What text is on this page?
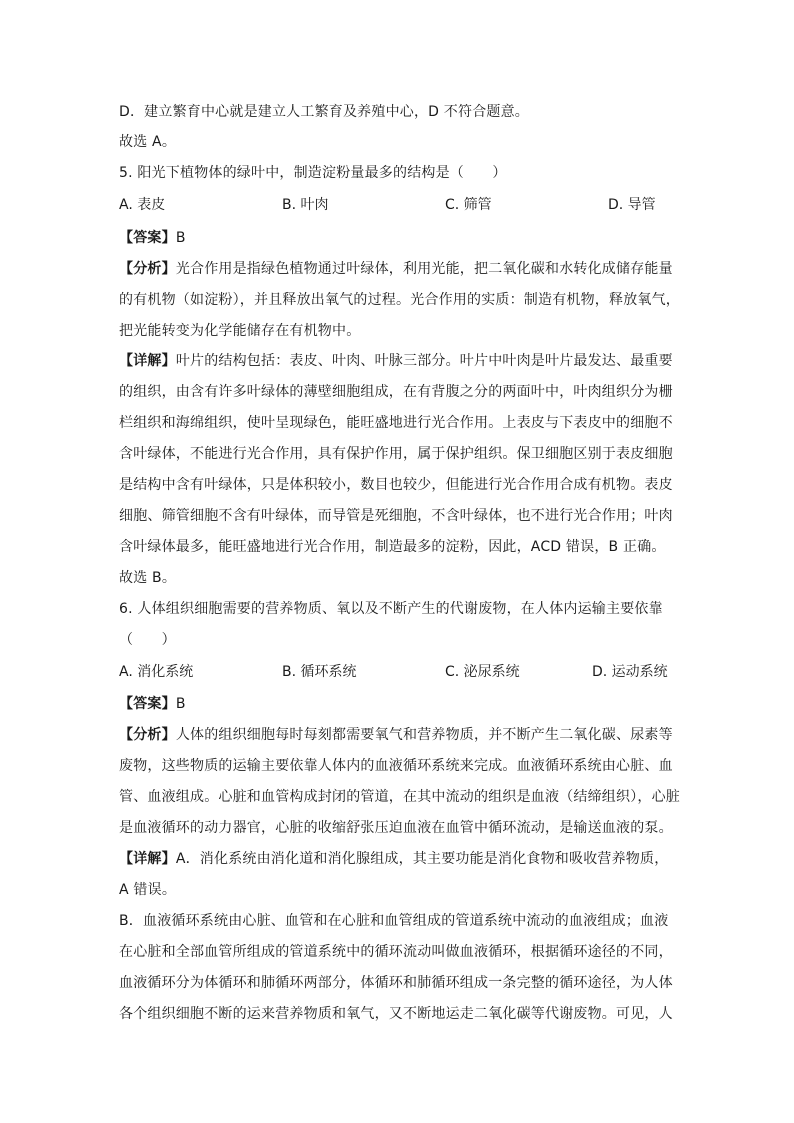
D．建立繁育中心就是建立人工繁育及养殖中心，D 不符合题意。
故选 A。
5. 阳光下植物体的绿叶中，制造淀粉量最多的结构是（　　）
A. 表皮	B. 叶肉	C. 筛管	D. 导管
【答案】B
【分析】光合作用是指绿色植物通过叶绿体，利用光能，把二氧化碳和水转化成储存能量
的有机物（如淀粉），并且释放出氧气的过程。光合作用的实质：制造有机物，释放氧气，
把光能转变为化学能储存在有机物中。
【详解】叶片的结构包括：表皮、叶肉、叶脉三部分。叶片中叶肉是叶片最发达、最重要
的组织，由含有许多叶绿体的薄壁细胞组成，在有背腹之分的两面叶中，叶肉组织分为栅
栏组织和海绵组织，使叶呈现绿色，能旺盛地进行光合作用。上表皮与下表皮中的细胞不
含叶绿体，不能进行光合作用，具有保护作用，属于保护组织。保卫细胞区别于表皮细胞
是结构中含有叶绿体，只是体积较小，数目也较少，但能进行光合作用合成有机物。表皮
细胞、筛管细胞不含有叶绿体，而导管是死细胞，不含叶绿体，也不进行光合作用；叶肉
含叶绿体最多，能旺盛地进行光合作用，制造最多的淀粉，因此，ACD 错误，B 正确。
故选 B。
6. 人体组织细胞需要的营养物质、氧以及不断产生的代谢废物，在人体内运输主要依靠
（　　）
A. 消化系统	B. 循环系统	C. 泌尿系统	D. 运动系统
【答案】B
【分析】人体的组织细胞每时每刻都需要氧气和营养物质，并不断产生二氧化碳、尿素等
废物，这些物质的运输主要依靠人体内的血液循环系统来完成。血液循环系统由心脏、血
管、血液组成。心脏和血管构成封闭的管道，在其中流动的组织是血液（结缔组织），心脏
是血液循环的动力器官，心脏的收缩舒张压迫血液在血管中循环流动，是输送血液的泵。
【详解】A．消化系统由消化道和消化腺组成，其主要功能是消化食物和吸收营养物质，
A 错误。
B．血液循环系统由心脏、血管和在心脏和血管组成的管道系统中流动的血液组成；血液
在心脏和全部血管所组成的管道系统中的循环流动叫做血液循环，根据循环途径的不同，
血液循环分为体循环和肺循环两部分，体循环和肺循环组成一条完整的循环途径，为人体
各个组织细胞不断的运来营养物质和氧气，又不断地运走二氧化碳等代谢废物。可见，人
